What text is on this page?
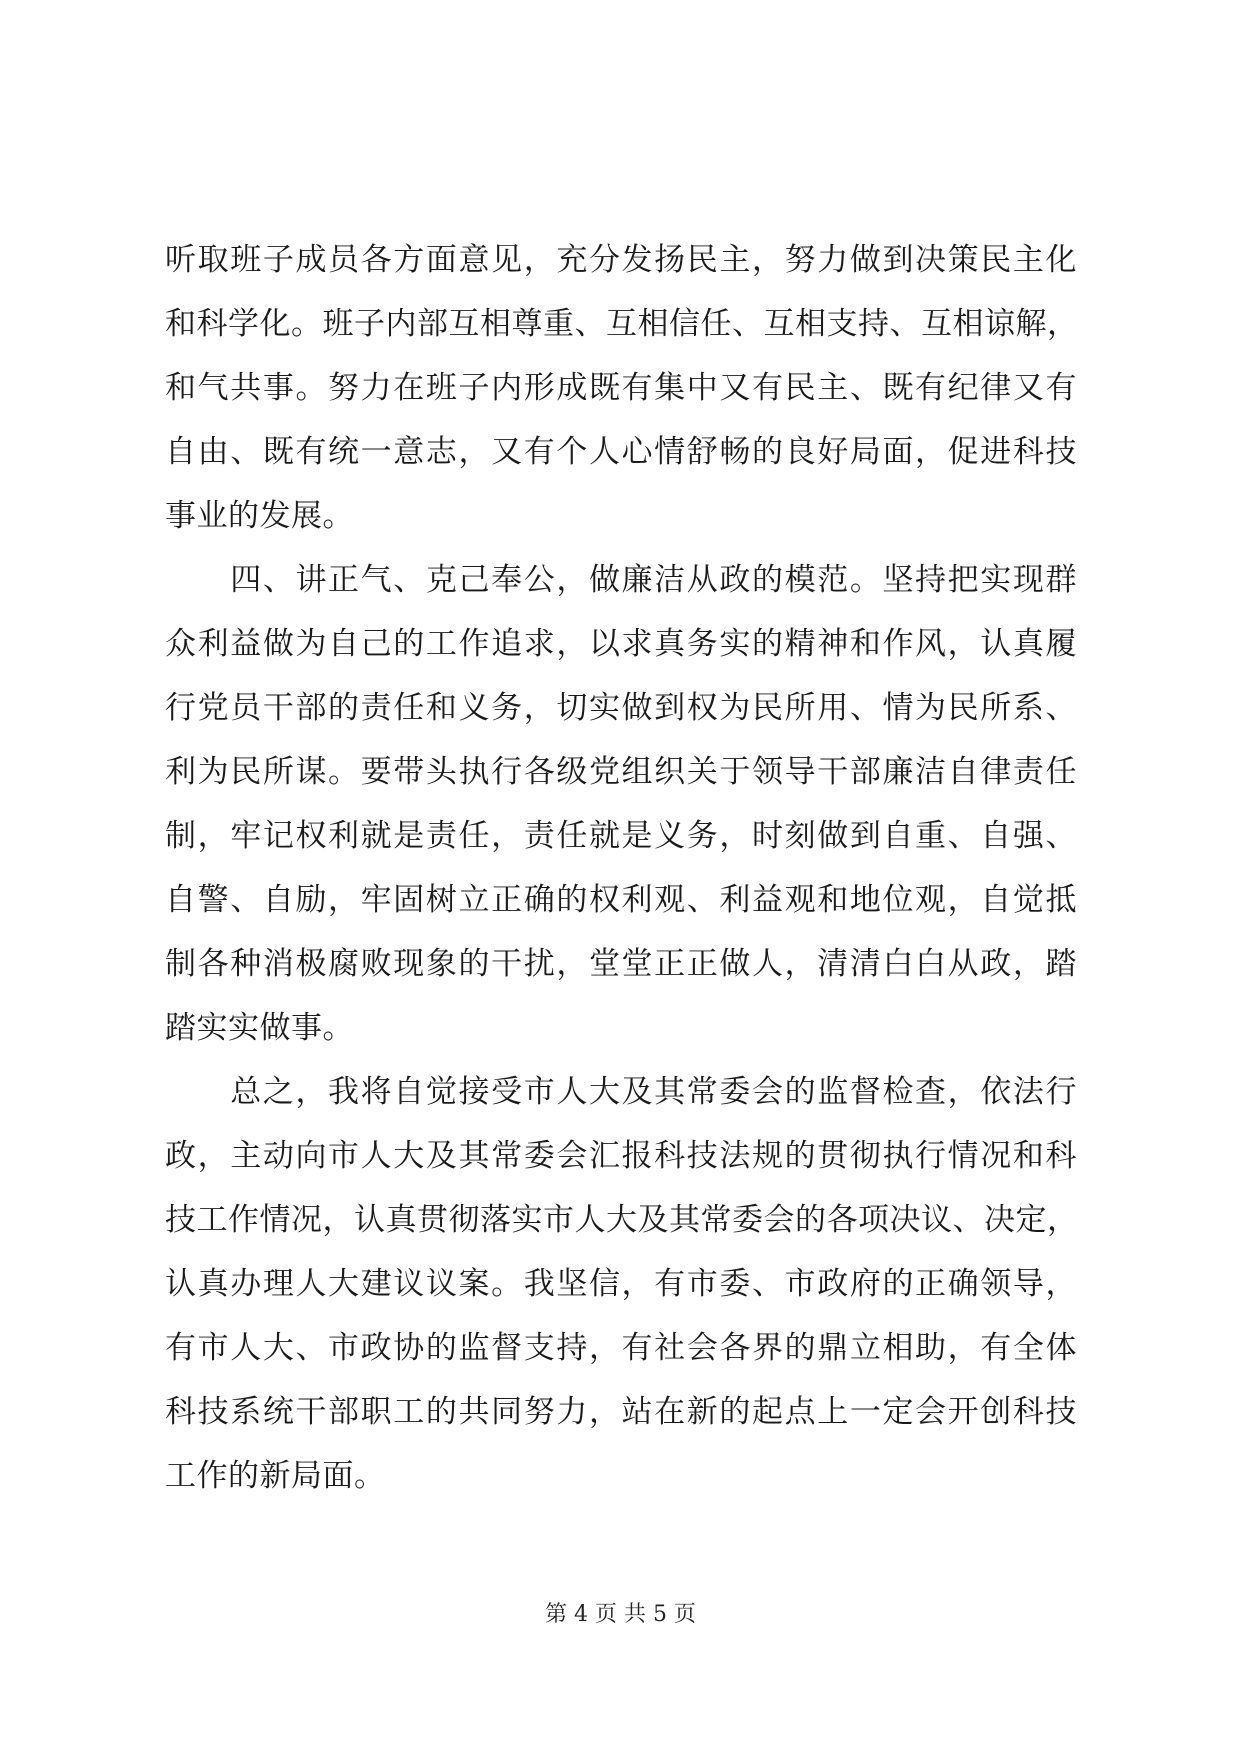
听取班子成员各方面意见，充分发扬民主，努力做到决策民主化
和科学化。班子内部互相尊重、互相信任、互相支持、互相谅解，
和气共事。努力在班子内形成既有集中又有民主、既有纪律又有
自由、既有统一意志，又有个人心情舒畅的良好局面，促进科技
事业的发展。
　　四、讲正气、克己奉公，做廉洁从政的模范。坚持把实现群
众利益做为自己的工作追求，以求真务实的精神和作风，认真履
行党员干部的责任和义务，切实做到权为民所用、情为民所系、
利为民所谋。要带头执行各级党组织关于领导干部廉洁自律责任
制，牢记权利就是责任，责任就是义务，时刻做到自重、自强、
自警、自励，牢固树立正确的权利观、利益观和地位观，自觉抵
制各种消极腐败现象的干扰，堂堂正正做人，清清白白从政，踏
踏实实做事。
　　总之，我将自觉接受市人大及其常委会的监督检查，依法行
政，主动向市人大及其常委会汇报科技法规的贯彻执行情况和科
技工作情况，认真贯彻落实市人大及其常委会的各项决议、决定，
认真办理人大建议议案。我坚信，有市委、市政府的正确领导，
有市人大、市政协的监督支持，有社会各界的鼎立相助，有全体
科技系统干部职工的共同努力，站在新的起点上一定会开创科技
工作的新局面。
第 4 页 共 5 页
